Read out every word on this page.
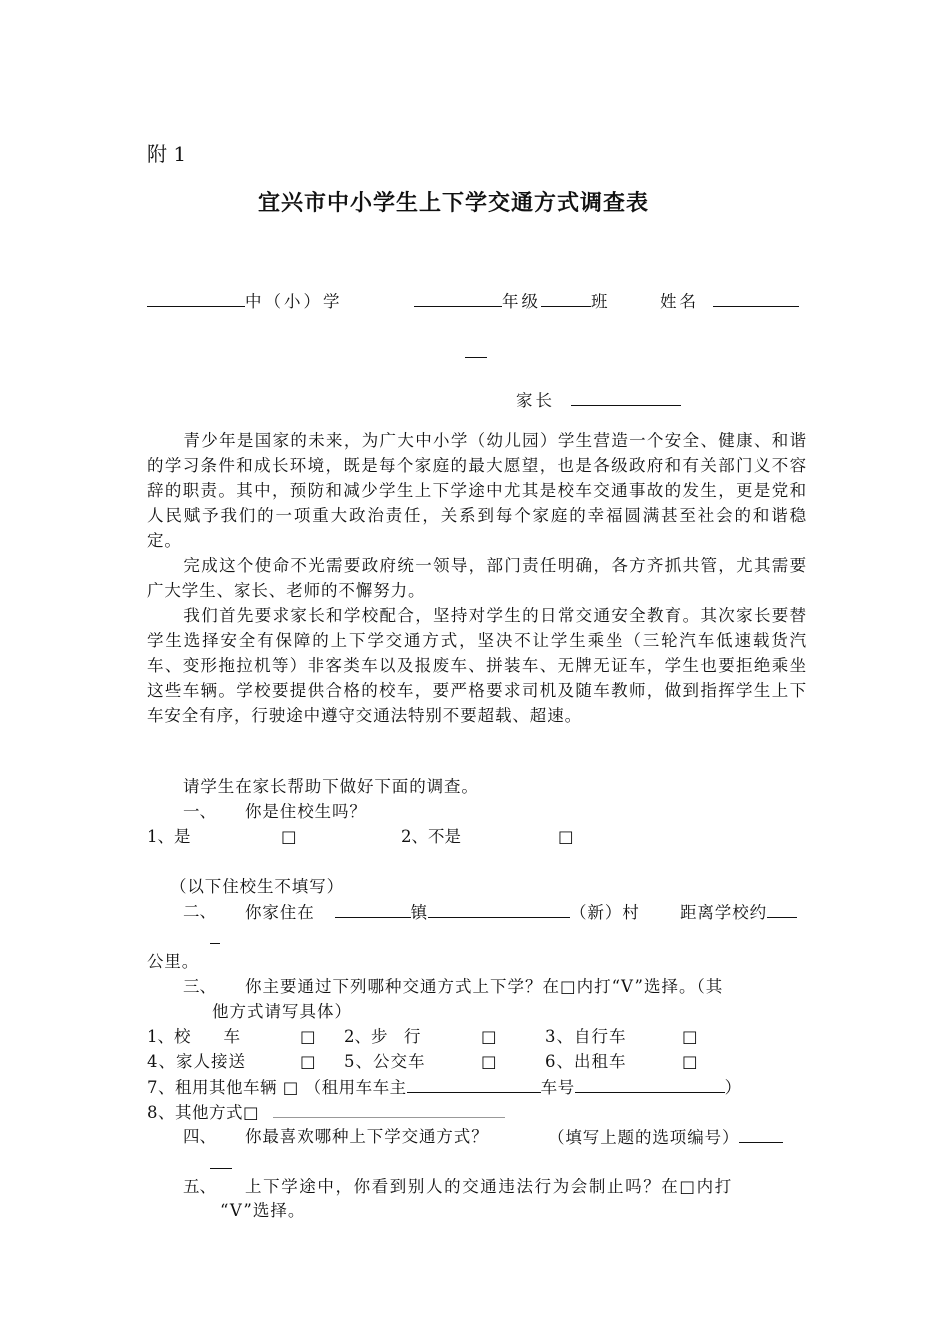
附 1
宜兴市中小学生上下学交通方式调查表
中（小）学	年级	班	姓名
家长
青少年是国家的未来，为广大中小学（幼儿园）学生营造一个安全、健康、和谐的学习条件和成长环境，既是每个家庭的最大愿望，也是各级政府和有关部门义不容辞的职责。其中，预防和减少学生上下学途中尤其是校车交通事故的发生，更是党和人民赋予我们的一项重大政治责任，关系到每个家庭的幸福圆满甚至社会的和谐稳定。
完成这个使命不光需要政府统一领导，部门责任明确，各方齐抓共管，尤其需要广大学生、家长、老师的不懈努力。
我们首先要求家长和学校配合，坚持对学生的日常交通安全教育。其次家长要替学生选择安全有保障的上下学交通方式，坚决不让学生乘坐（三轮汽车低速载货汽车、变形拖拉机等）非客类车以及报废车、拼装车、无牌无证车，学生也要拒绝乘坐这些车辆。学校要提供合格的校车，要严格要求司机及随车教师，做到指挥学生上下车安全有序，行驶途中遵守交通法特别不要超载、超速。
请学生在家长帮助下做好下面的调查。
一、 你是住校生吗？
1、是	□	2、不是	□
（以下住校生不填写）
二、 你家住在	镇	（新）村 距离学校约
公里。
三、 你主要通过下列哪种交通方式上下学？在□内打“V”选择。（其
他方式请写具体）
1、校　　车	□ 2、步　行	□	3、自行车	□
4、家人接送	□ 5、公交车	□	6、出租车	□
7、租用其他车辆 □ （租用车车主	车号	）
8、其他方式□
四、 你最喜欢哪种上下学交通方式？	（填写上题的选项编号）
五、 上下学途中，你看到别人的交通违法行为会制止吗？在□内打
“V”选择。
